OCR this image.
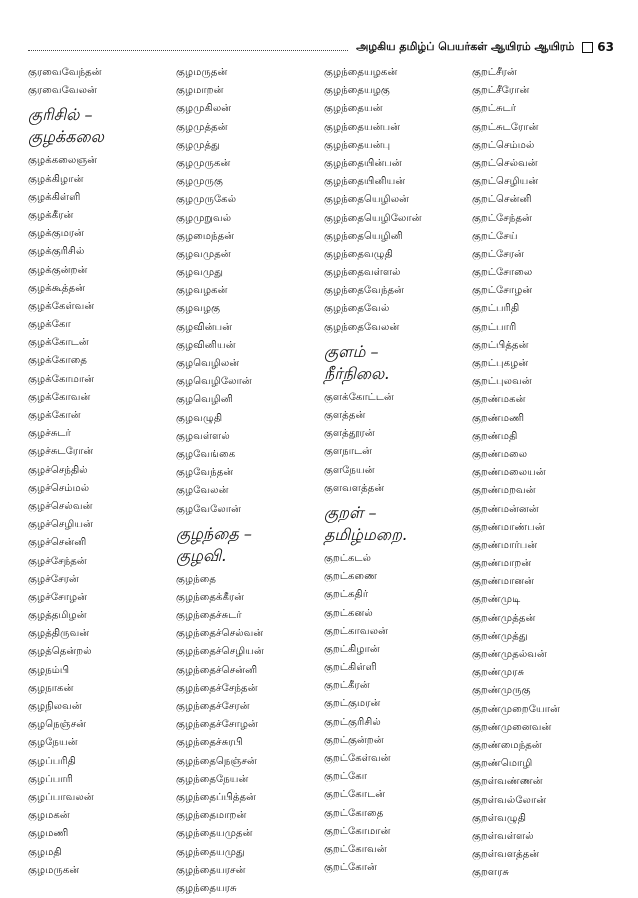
அழகிய தமிழ்ப் பெயர்கள் ஆயிரம் ஆயிரம் 63
குரவைவேந்தன்
குரவைவேலன்
குரிசில் –
குழக்கலை
குழக்கலைஞன்
குழக்கிழான்
குழக்கிள்ளி
குழக்கீரன்
குழக்குமரன்
குழக்குரிசில்
குழக்குன்றன்
குழக்கூத்தன்
குழக்கேள்வன்
குழக்கோ
குழக்கோடன்
குழக்கோதை
குழக்கோமான்
குழக்கோவன்
குழக்கோன்
குழச்சுடர்
குழச்சுடரோன்
குழச்செந்தில்
குழச்செம்மல்
குழச்செல்வன்
குழச்செழியன்
குழச்சென்னி
குழச்சேந்தன்
குழச்சேரன்
குழச்சோழன்
குழத்தமிழன்
குழத்திருவன்
குழத்தென்றல்
குழநம்பி
குழநாகன்
குழநிலவன்
குழநெஞ்சன்
குழநேயன்
குழப்பரிதி
குழப்பாரி
குழப்பாவலன்
குழமகன்
குழமணி
குழமதி
குழமருகன்
குழமருதன்
குழமாறன்
குழமுகிலன்
குழமுத்தன்
குழமுத்து
குழமுருகன்
குழமுருகு
குழமுருகேல்
குழமுறுவல்
குழமைந்தன்
குழவமுதன்
குழவமுது
குழவழகன்
குழவழகு
குழவின்பன்
குழவினியன்
குழவெழிலன்
குழவெழிலோன்
குழவெழினி
குழவழுதி
குழவள்ளல்
குழவேங்கை
குழவேந்தன்
குழவேலன்
குழவேலோன்
குழந்தை –
குழவி.
குழந்தை
குழந்தைக்கீரன்
குழந்தைச்சுடர்
குழந்தைச்செல்வன்
குழந்தைச்செழியன்
குழந்தைச்சென்னி
குழந்தைச்சேந்தன்
குழந்தைச்சேரன்
குழந்தைச்சோழன்
குழந்தைச்சுரபி
குழந்தைநெஞ்சன்
குழந்தைநேயன்
குழந்தைப்பித்தன்
குழந்தைமாறன்
குழந்தையமுதன்
குழந்தையமுது
குழந்தையரசன்
குழந்தையரசு
குழந்தையழகன்
குழந்தையழகு
குழந்தையன்
குழந்தையன்பன்
குழந்தையன்பு
குழந்தையின்பன்
குழந்தையினியன்
குழந்தையெழிலன்
குழந்தையெழிலோன்
குழந்தையெழினி
குழந்தைவழுதி
குழந்தைவள்ளல்
குழந்தைவேந்தன்
குழந்தைவேல்
குழந்தைவேலன்
குளம் –
நீர்நிலை.
குளக்கோட்டன்
குளத்தன்
குளத்தூரன்
குளநாடன்
குளநேயன்
குளவளத்தன்
குறள் –
தமிழ்மறை.
குறட்கடல்
குறட்கணை
குறட்கதிர்
குறட்கனல்
குறட்காவலன்
குறட்கிழான்
குறட்கிள்ளி
குறட்கீரன்
குறட்குமரன்
குறட்குரிசில்
குறட்குன்றன்
குறட்கேள்வன்
குறட்கோ
குறட்கோடன்
குறட்கோதை
குறட்கோமான்
குறட்கோவன்
குறட்கோன்
குறட்சீரன்
குறட்சீரோன்
குறட்சுடர்
குறட்சுடரோன்
குறட்செம்மல்
குறட்செல்வன்
குறட்செழியன்
குறட்சென்னி
குறட்சேந்தன்
குறட்சேய்
குறட்சேரன்
குறட்சோலை
குறட்சோழன்
குறட்பரிதி
குறட்பாரி
குறட்பித்தன்
குறட்புகழன்
குறட்புலவன்
குறண்மகன்
குறண்மணி
குறண்மதி
குறண்மலை
குறண்மலையன்
குறண்மறவன்
குறண்மன்னன்
குறண்மாண்பன்
குறண்மார்பன்
குறண்மாறன்
குறண்மானன்
குறண்முடி
குறண்முத்தன்
குறண்முத்து
குறண்முதல்வன்
குறண்முரசு
குறண்முருகு
குறண்முறையோன்
குறண்முனைவன்
குறண்மைந்தன்
குறண்மொழி
குறள்வண்ணன்
குறள்வல்லோன்
குறள்வழுதி
குறள்வள்ளல்
குறள்வளத்தன்
குறளரசு
